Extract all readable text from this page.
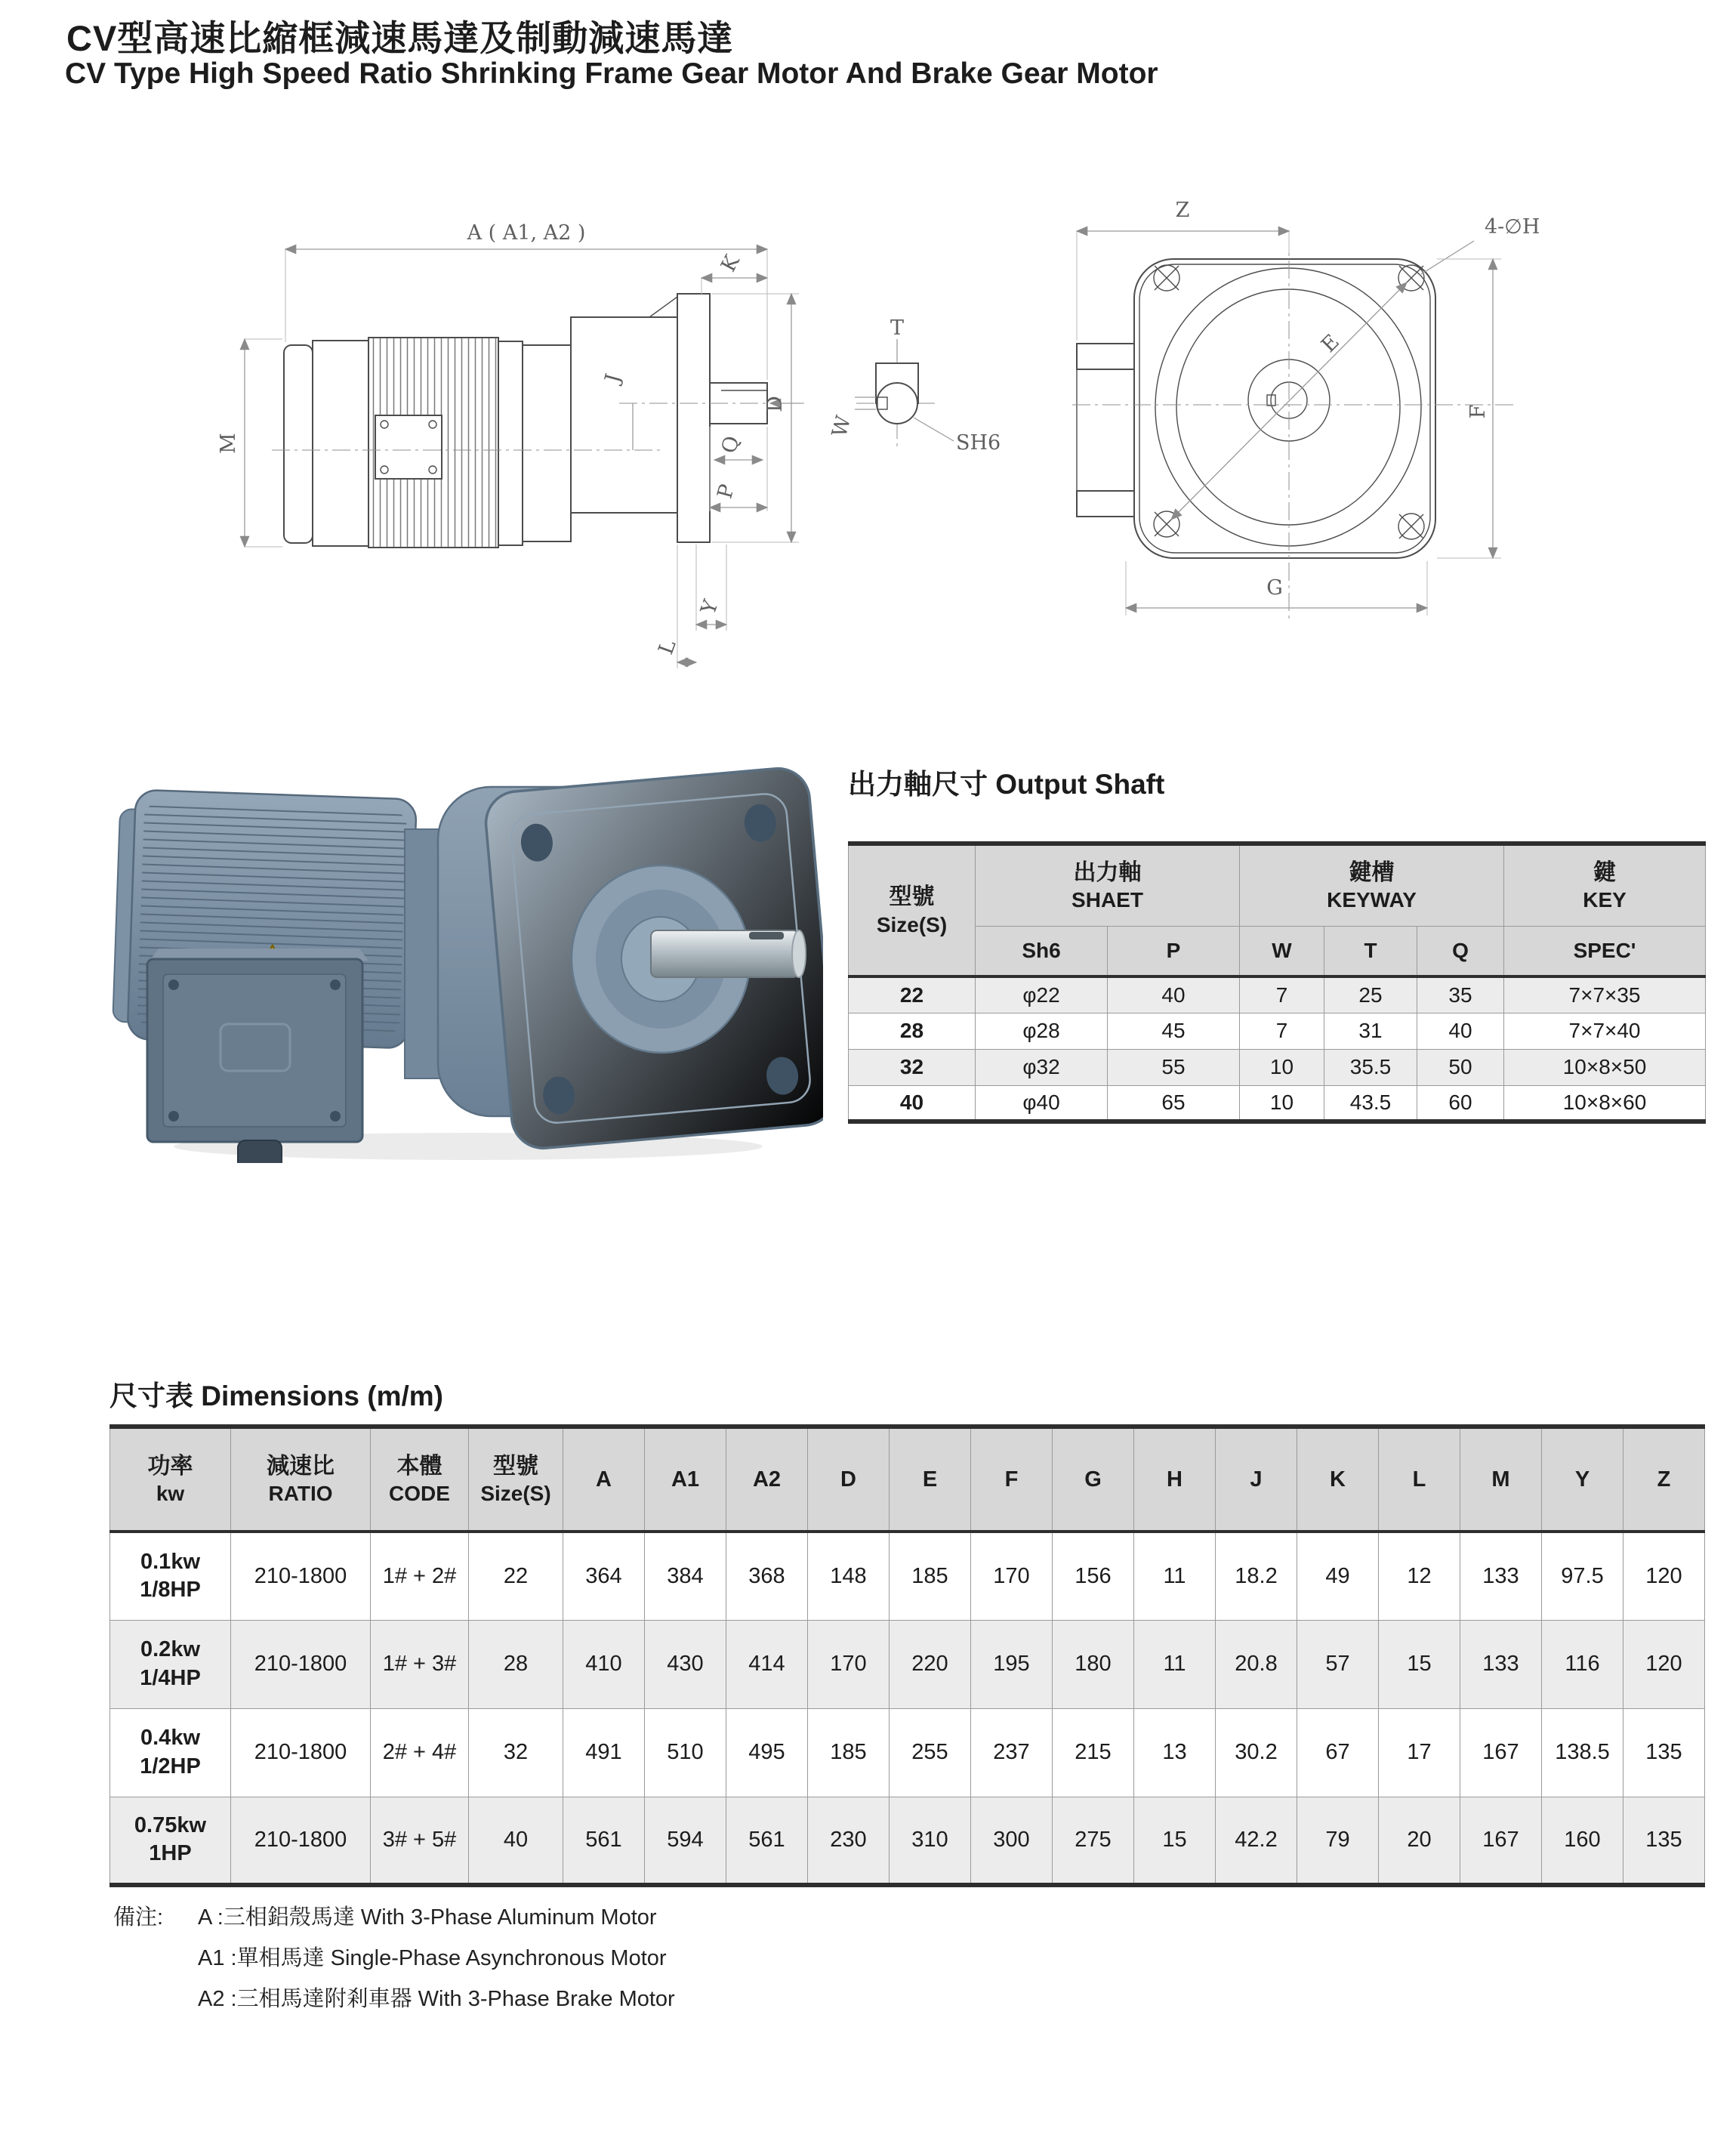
CV型高速比縮框減速馬達及制動減速馬達
CV Type High Speed Ratio Shrinking Frame Gear Motor And Brake Gear Motor
A ( A1, A2 )
K
M
D
J
Q
P
Y
L
T
W
SH6
E
Z
4-∅H
F
G
出力軸尺寸 Output Shaft
型號
Size(S)

出力軸
SHAET

鍵槽
KEYWAY

鍵
KEY

	Sh6	P	W	T	Q	SPEC'
22	φ22	40	7	25	35	7×7×35
28	φ28	45	7	31	40	7×7×40
32	φ32	55	10	35.5	50	10×8×50
40	φ40	65	10	43.5	60	10×8×60
尺寸表 Dimensions (m/m)
功率
kw

減速比
RATIO

本體
CODE

型號
Size(S)
	A	A1	A2	D	E	F	G	H	J	K	L	M	Y	Z

0.1kw
1/8HP	210-1800	1# + 2#	22	364	384	368	148	185	170	156	11	18.2	49	12	133	97.5	120

0.2kw
1/4HP	210-1800	1# + 3#	28	410	430	414	170	220	195	180	11	20.8	57	15	133	116	120

0.4kw
1/2HP	210-1800	2# + 4#	32	491	510	495	185	255	237	215	13	30.2	67	17	167	138.5	135

0.75kw
1HP	210-1800	3# + 5#	40	561	594	561	230	310	300	275	15	42.2	79	20	167	160	135
備注: A :三相鋁殼馬達 With 3-Phase Aluminum Motor
A1 :單相馬達 Single-Phase Asynchronous Motor
A2 :三相馬達附剎車器 With 3-Phase Brake Motor
